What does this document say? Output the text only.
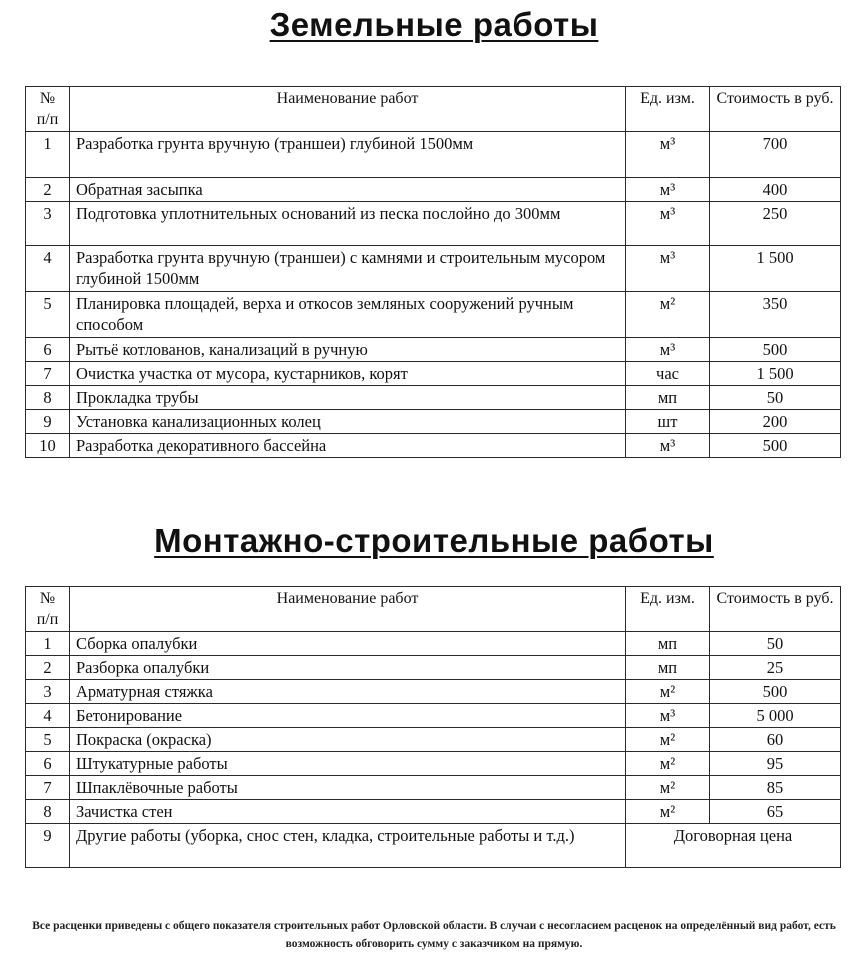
Земельные работы
№ п/п	Наименование работ	Ед. изм.	Стоимость в руб.
1	Разработка грунта вручную (траншеи) глубиной 1500мм	м³	700
2	Обратная засыпка	м³	400
3	Подготовка уплотнительных оснований из песка послойно до 300мм	м³	250
4	Разработка грунта вручную (траншеи) с камнями и строительным мусором глубиной 1500мм	м³	1 500
5	Планировка площадей, верха и откосов земляных сооружений ручным способом	м²	350
6	Рытьё котлованов, канализаций в ручную	м³	500
7	Очистка участка от мусора, кустарников, корят	час	1 500
8	Прокладка трубы	мп	50
9	Установка канализационных колец	шт	200
10	Разработка декоративного бассейна	м³	500
Монтажно-строительные работы
№ п/п	Наименование работ	Ед. изм.	Стоимость в руб.
1	Сборка опалубки	мп	50
2	Разборка опалубки	мп	25
3	Арматурная стяжка	м²	500
4	Бетонирование	м³	5 000
5	Покраска (окраска)	м²	60
6	Штукатурные работы	м²	95
7	Шпаклёвочные работы	м²	85
8	Зачистка стен	м²	65
9	Другие работы (уборка, снос стен, кладка, строительные работы и т.д.)	Договорная цена	

Все расценки приведены с общего показателя строительных работ Орловской области. В случаи с несогласием расценок на определённый вид работ, есть возможность обговорить сумму с заказчиком на прямую.
